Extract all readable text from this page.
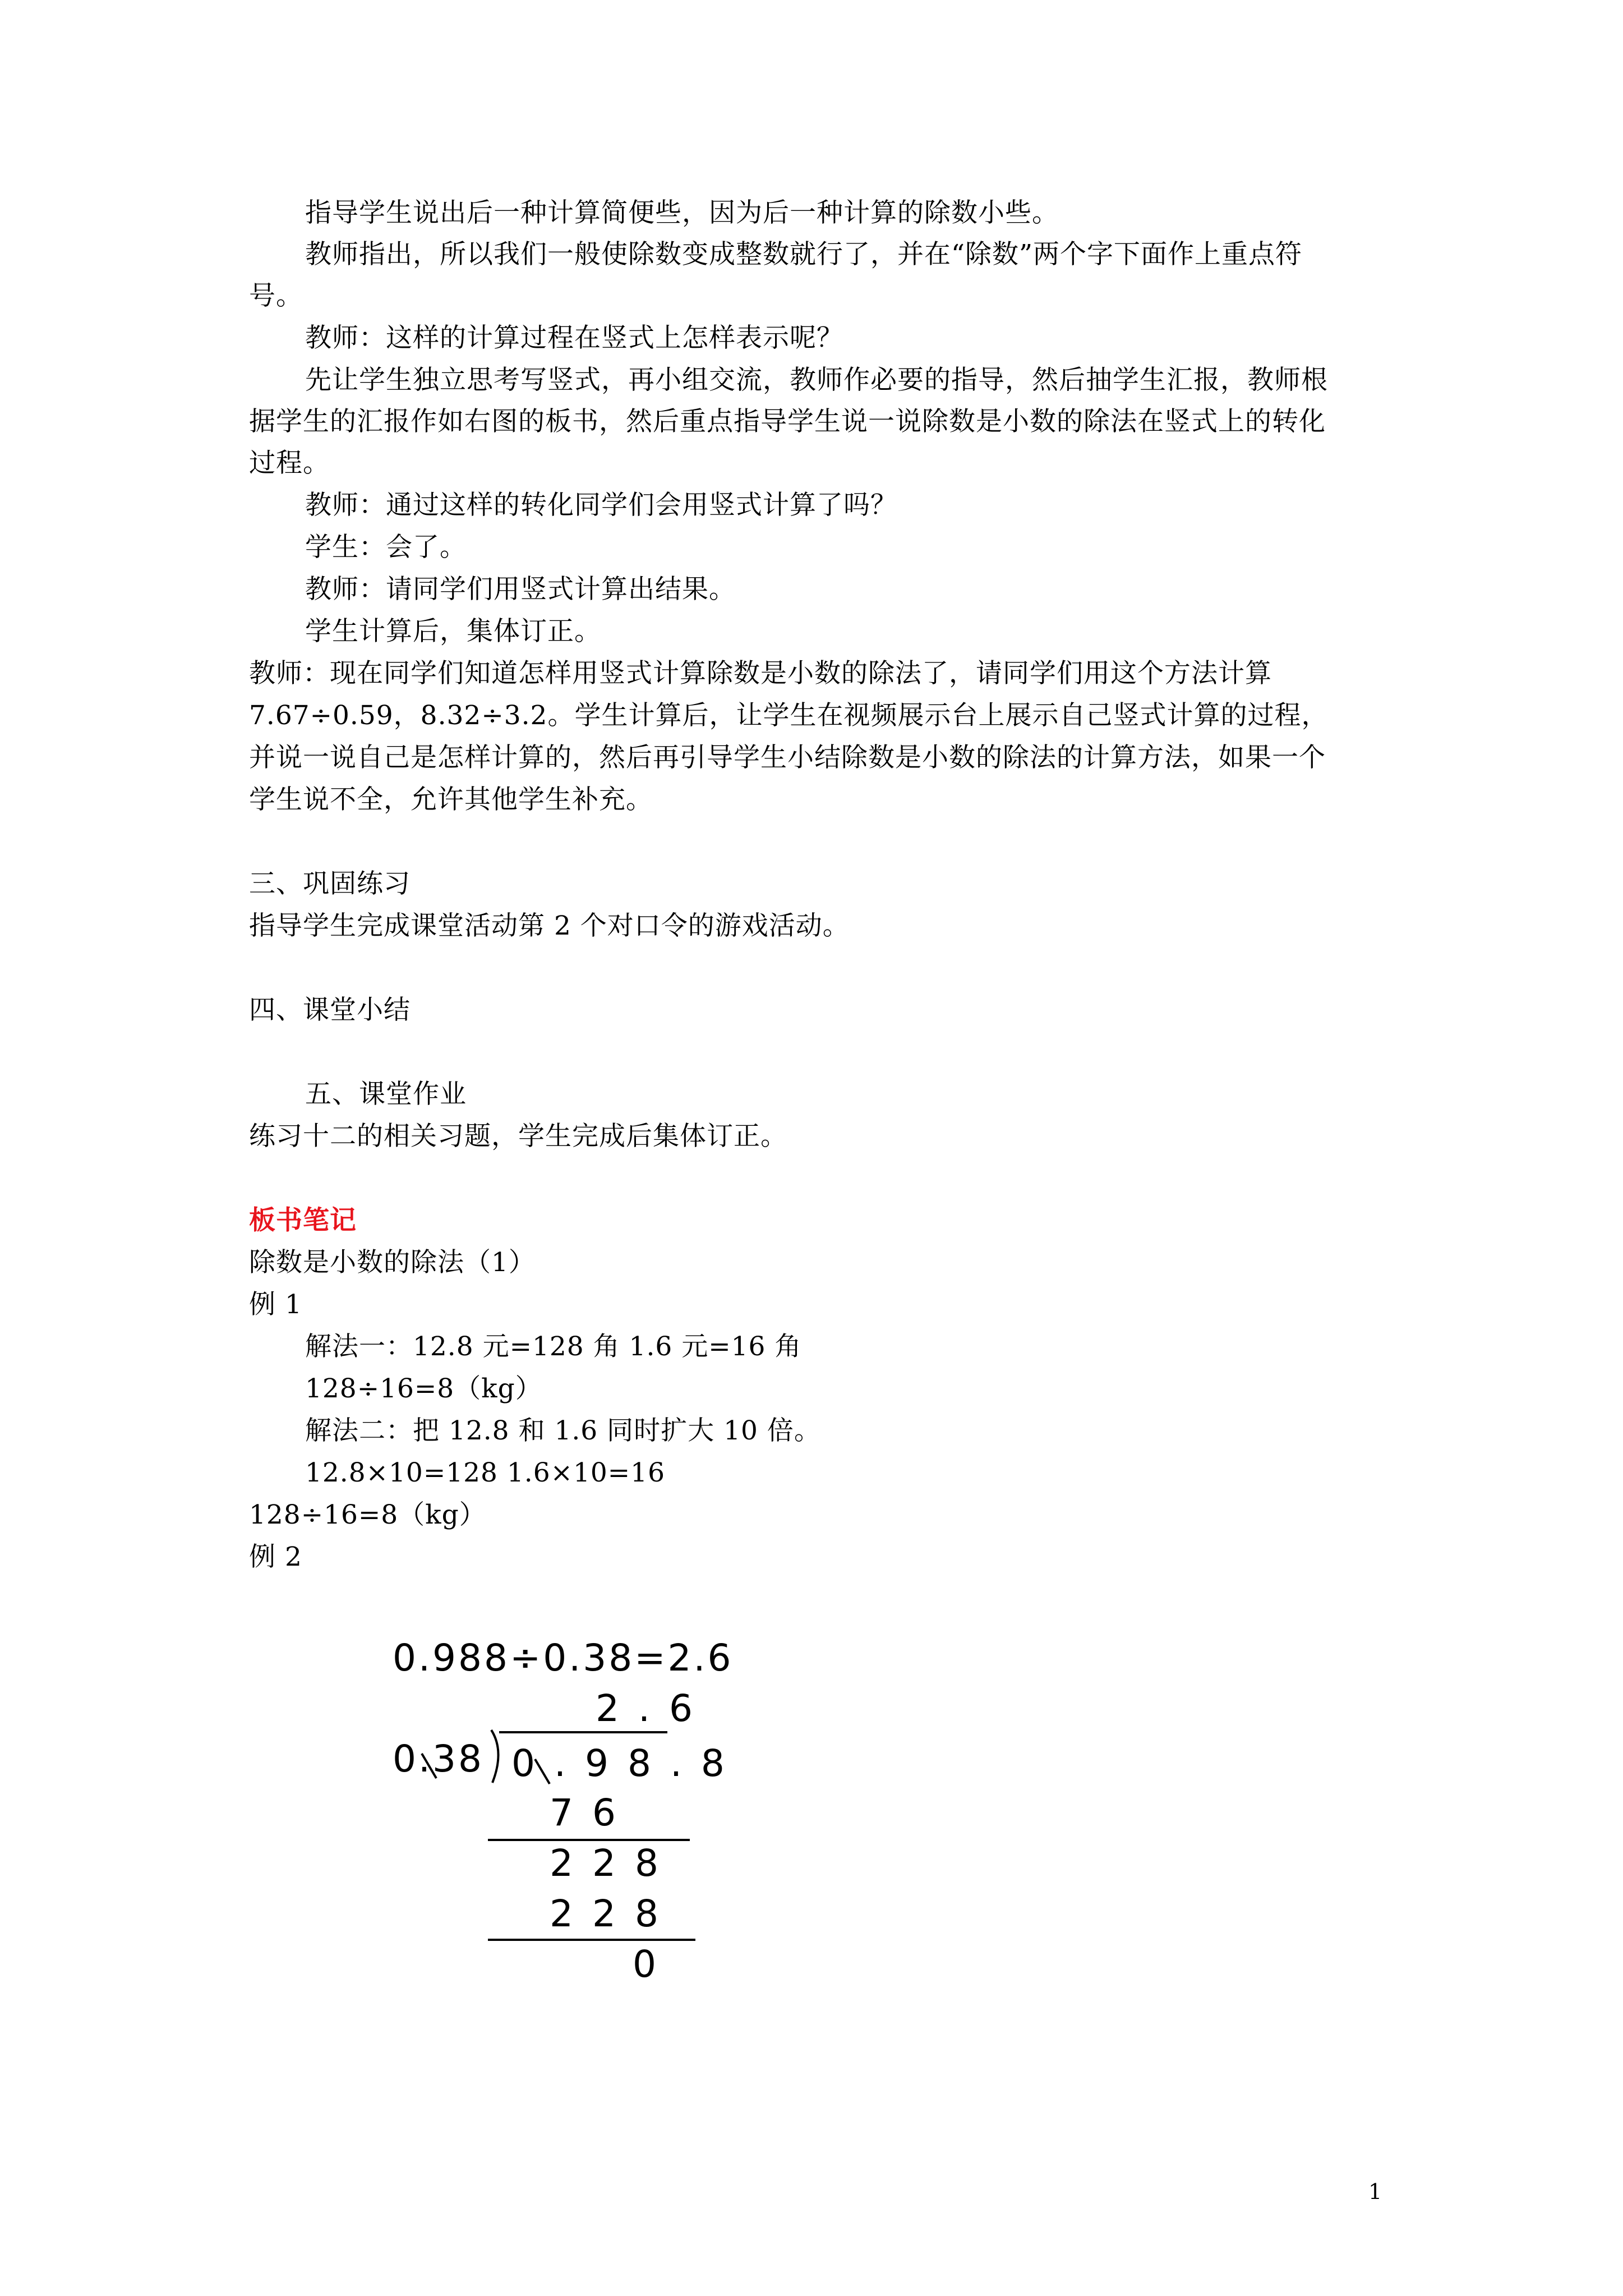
指导学生说出后一种计算简便些，因为后一种计算的除数小些。
教师指出，所以我们一般使除数变成整数就行了，并在“除数”两个字下面作上重点符
号。
教师：这样的计算过程在竖式上怎样表示呢？
先让学生独立思考写竖式，再小组交流，教师作必要的指导，然后抽学生汇报，教师根
据学生的汇报作如右图的板书，然后重点指导学生说一说除数是小数的除法在竖式上的转化
过程。
教师：通过这样的转化同学们会用竖式计算了吗？
学生：会了。
教师：请同学们用竖式计算出结果。
学生计算后，集体订正。
教师：现在同学们知道怎样用竖式计算除数是小数的除法了，请同学们用这个方法计算
7.67÷0.59，8.32÷3.2。学生计算后，让学生在视频展示台上展示自己竖式计算的过程，
并说一说自己是怎样计算的，然后再引导学生小结除数是小数的除法的计算方法，如果一个
学生说不全，允许其他学生补充。
三、巩固练习
指导学生完成课堂活动第 2 个对口令的游戏活动。
四、课堂小结
五、课堂作业
练习十二的相关习题，学生完成后集体订正。
板书笔记
除数是小数的除法（1）
例 1
解法一：12.8 元=128 角 1.6 元=16 角
128÷16=8（kg）
解法二：把 12.8 和 1.6 同时扩大 10 倍。
12.8×10=128 1.6×10=16
128÷16=8（kg）
例 2
0.988÷0.38=2.6
2.6
0.38 0.98.8
76
228
228
0
1
